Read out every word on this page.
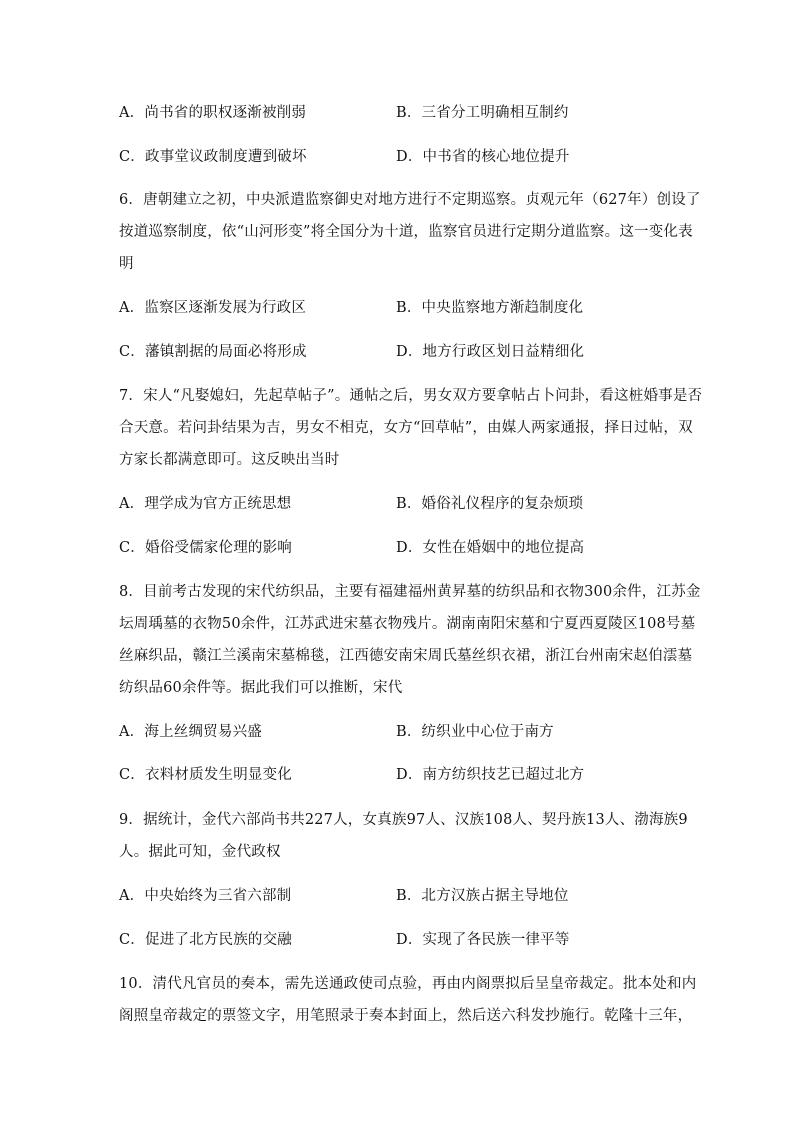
A．尚书省的职权逐渐被削弱	B．三省分工明确相互制约
C．政事堂议政制度遭到破坏	D．中书省的核心地位提升
6．唐朝建立之初，中央派遣监察御史对地方进行不定期巡察。贞观元年（627年）创设了
按道巡察制度，依“山河形变”将全国分为十道，监察官员进行定期分道监察。这一变化表
明
A．监察区逐渐发展为行政区	B．中央监察地方渐趋制度化
C．藩镇割据的局面必将形成	D．地方行政区划日益精细化
7．宋人“凡娶媳妇，先起草帖子”。通帖之后，男女双方要拿帖占卜问卦，看这桩婚事是否
合天意。若问卦结果为吉，男女不相克，女方“回草帖”，由媒人两家通报，择日过帖，双
方家长都满意即可。这反映出当时
A．理学成为官方正统思想	B．婚俗礼仪程序的复杂烦琐
C．婚俗受儒家伦理的影响	D．女性在婚姻中的地位提高
8．目前考古发现的宋代纺织品，主要有福建福州黄昇墓的纺织品和衣物300余件，江苏金
坛周瑀墓的衣物50余件，江苏武进宋墓衣物残片。湖南南阳宋墓和宁夏西夏陵区108号墓
丝麻织品，赣江兰溪南宋墓棉毯，江西德安南宋周氏墓丝织衣裙，浙江台州南宋赵伯澐墓
纺织品60余件等。据此我们可以推断，宋代
A．海上丝绸贸易兴盛	B．纺织业中心位于南方
C．衣料材质发生明显变化	D．南方纺织技艺已超过北方
9．据统计，金代六部尚书共227人，女真族97人、汉族108人、契丹族13人、渤海族9
人。据此可知，金代政权
A．中央始终为三省六部制	B．北方汉族占据主导地位
C．促进了北方民族的交融	D．实现了各民族一律平等
10．清代凡官员的奏本，需先送通政使司点验，再由内阁票拟后呈皇帝裁定。批本处和内
阁照皇帝裁定的票签文字，用笔照录于奏本封面上，然后送六科发抄施行。乾隆十三年，
